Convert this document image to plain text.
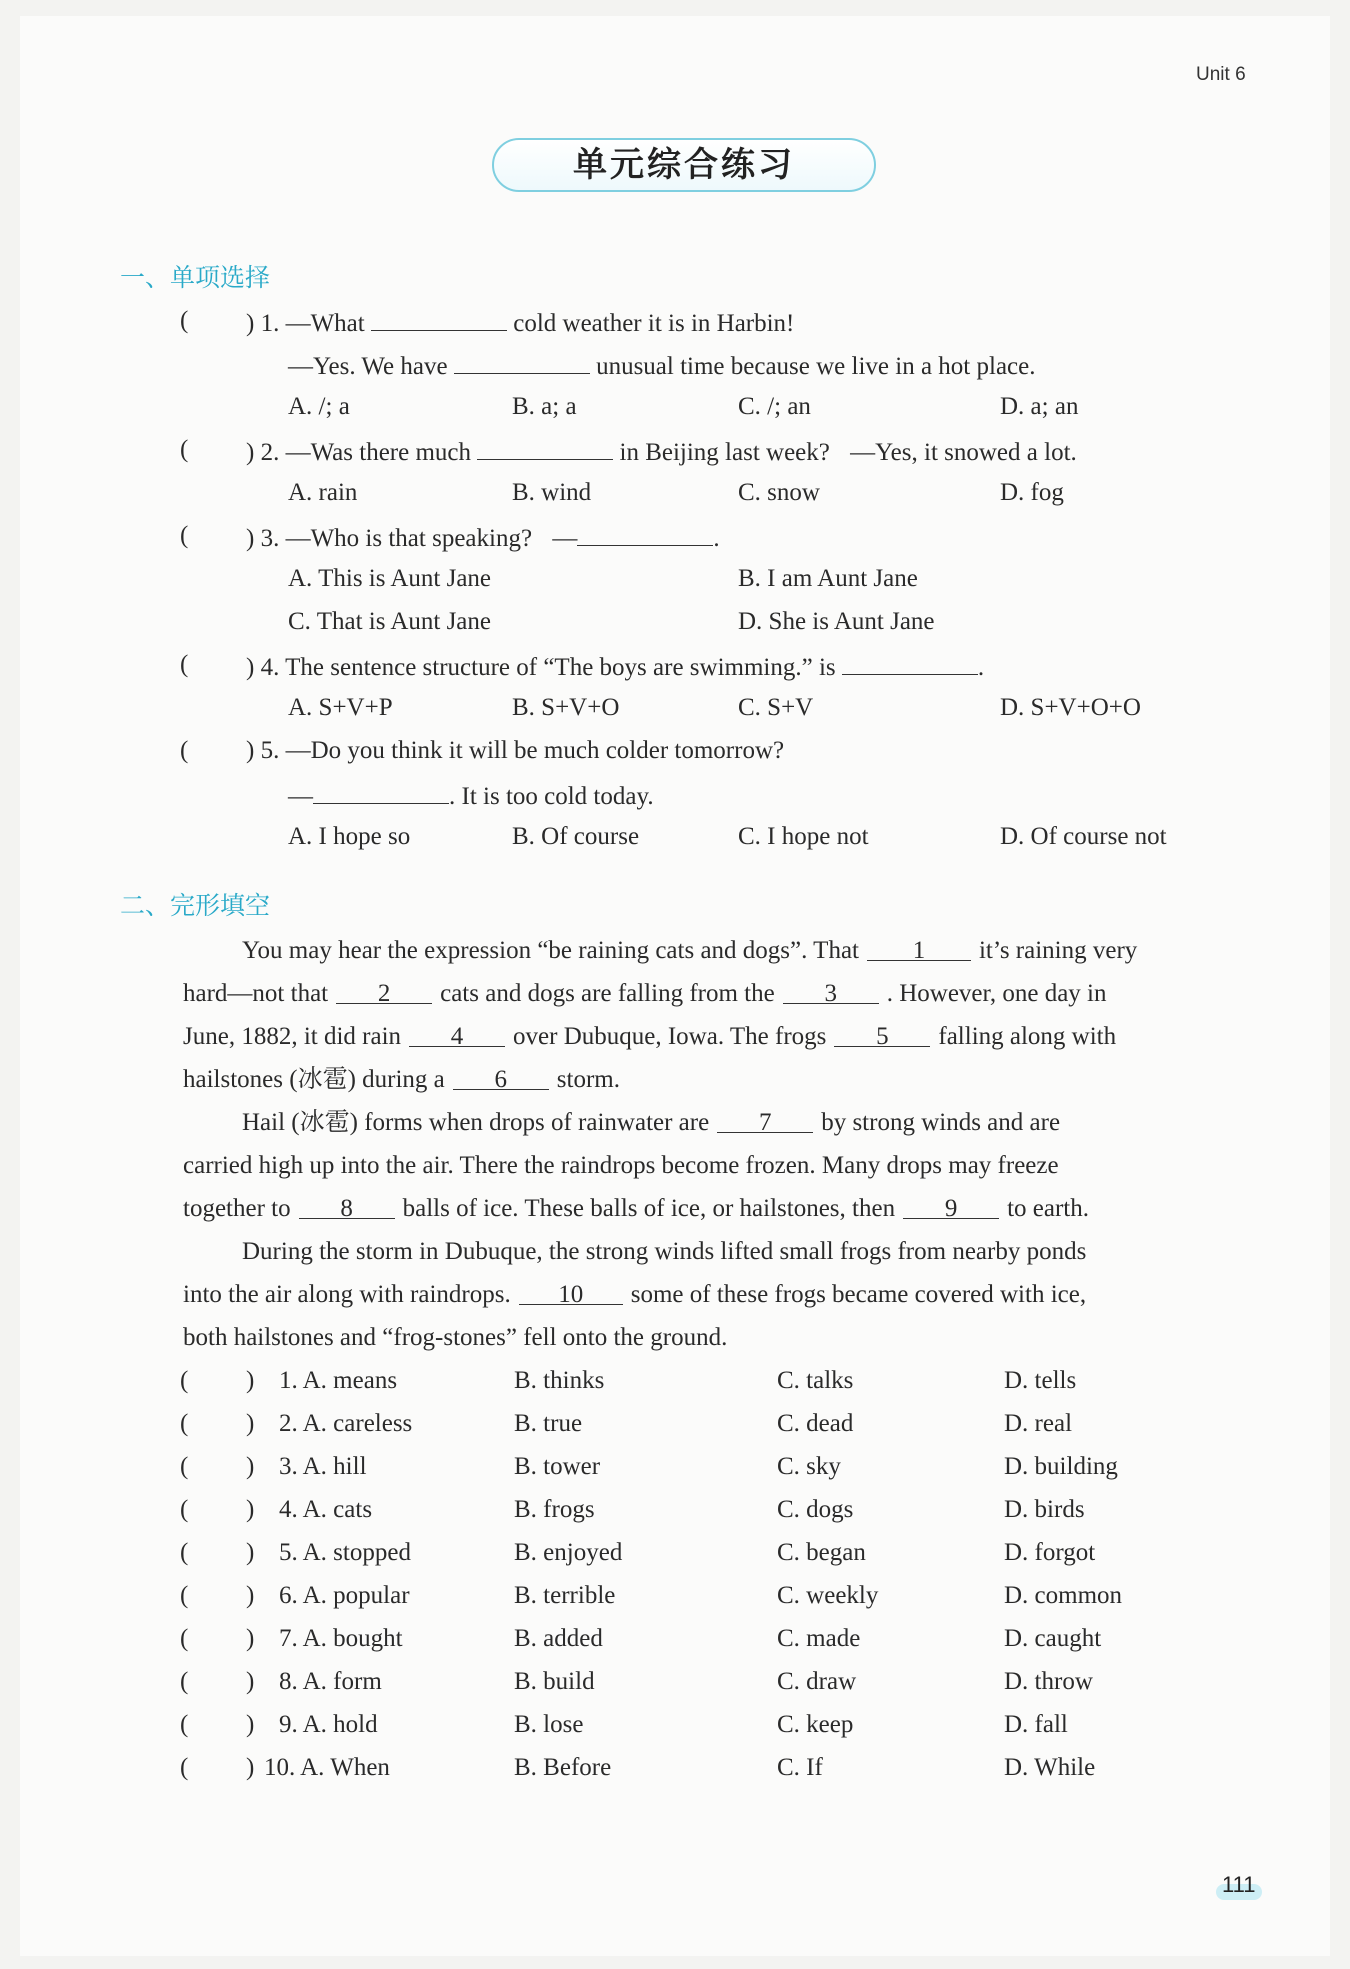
Unit 6
单元综合练习
一、单项选择
( ) 1. —What	cold weather it is in Harbin!
—Yes. We have	unusual time because we live in a hot place.
A. /; a	B. a; a	C. /; an	D. a; an
( ) 2. —Was there much	in Beijing last week? —Yes, it snowed a lot.
A. rain	B. wind	C. snow	D. fog
( ) 3. —Who is that speaking? —	.
A. This is Aunt Jane	B. I am Aunt Jane
C. That is Aunt Jane	D. She is Aunt Jane
( ) 4. The sentence structure of “The boys are swimming.” is	.
A. S+V+P	B. S+V+O	C. S+V	D. S+V+O+O
( ) 5. —Do you think it will be much colder tomorrow?
—	. It is too cold today.
A. I hope so	B. Of course	C. I hope not	D. Of course not
二、完形填空
You may hear the expression “be raining cats and dogs”. That 1 it’s raining very
hard—not that 2 cats and dogs are falling from the 3 . However, one day in
June, 1882, it did rain 4 over Dubuque, Iowa. The frogs 5 falling along with
hailstones (冰雹) during a 6 storm.
Hail (冰雹) forms when drops of rainwater are 7 by strong winds and are
carried high up into the air. There the raindrops become frozen. Many drops may freeze
together to 8 balls of ice. These balls of ice, or hailstones, then 9 to earth.
During the storm in Dubuque, the strong winds lifted small frogs from nearby ponds
into the air along with raindrops. 10 some of these frogs became covered with ice,
both hailstones and “frog-stones” fell onto the ground.
( ) 1. A. means	B. thinks	C. talks	D. tells
( ) 2. A. careless	B. true	C. dead	D. real
( ) 3. A. hill	B. tower	C. sky	D. building
( ) 4. A. cats	B. frogs	C. dogs	D. birds
( ) 5. A. stopped	B. enjoyed	C. began	D. forgot
( ) 6. A. popular	B. terrible	C. weekly	D. common
( ) 7. A. bought	B. added	C. made	D. caught
( ) 8. A. form	B. build	C. draw	D. throw
( ) 9. A. hold	B. lose	C. keep	D. fall
( ) 10. A. When	B. Before	C. If	D. While
111
